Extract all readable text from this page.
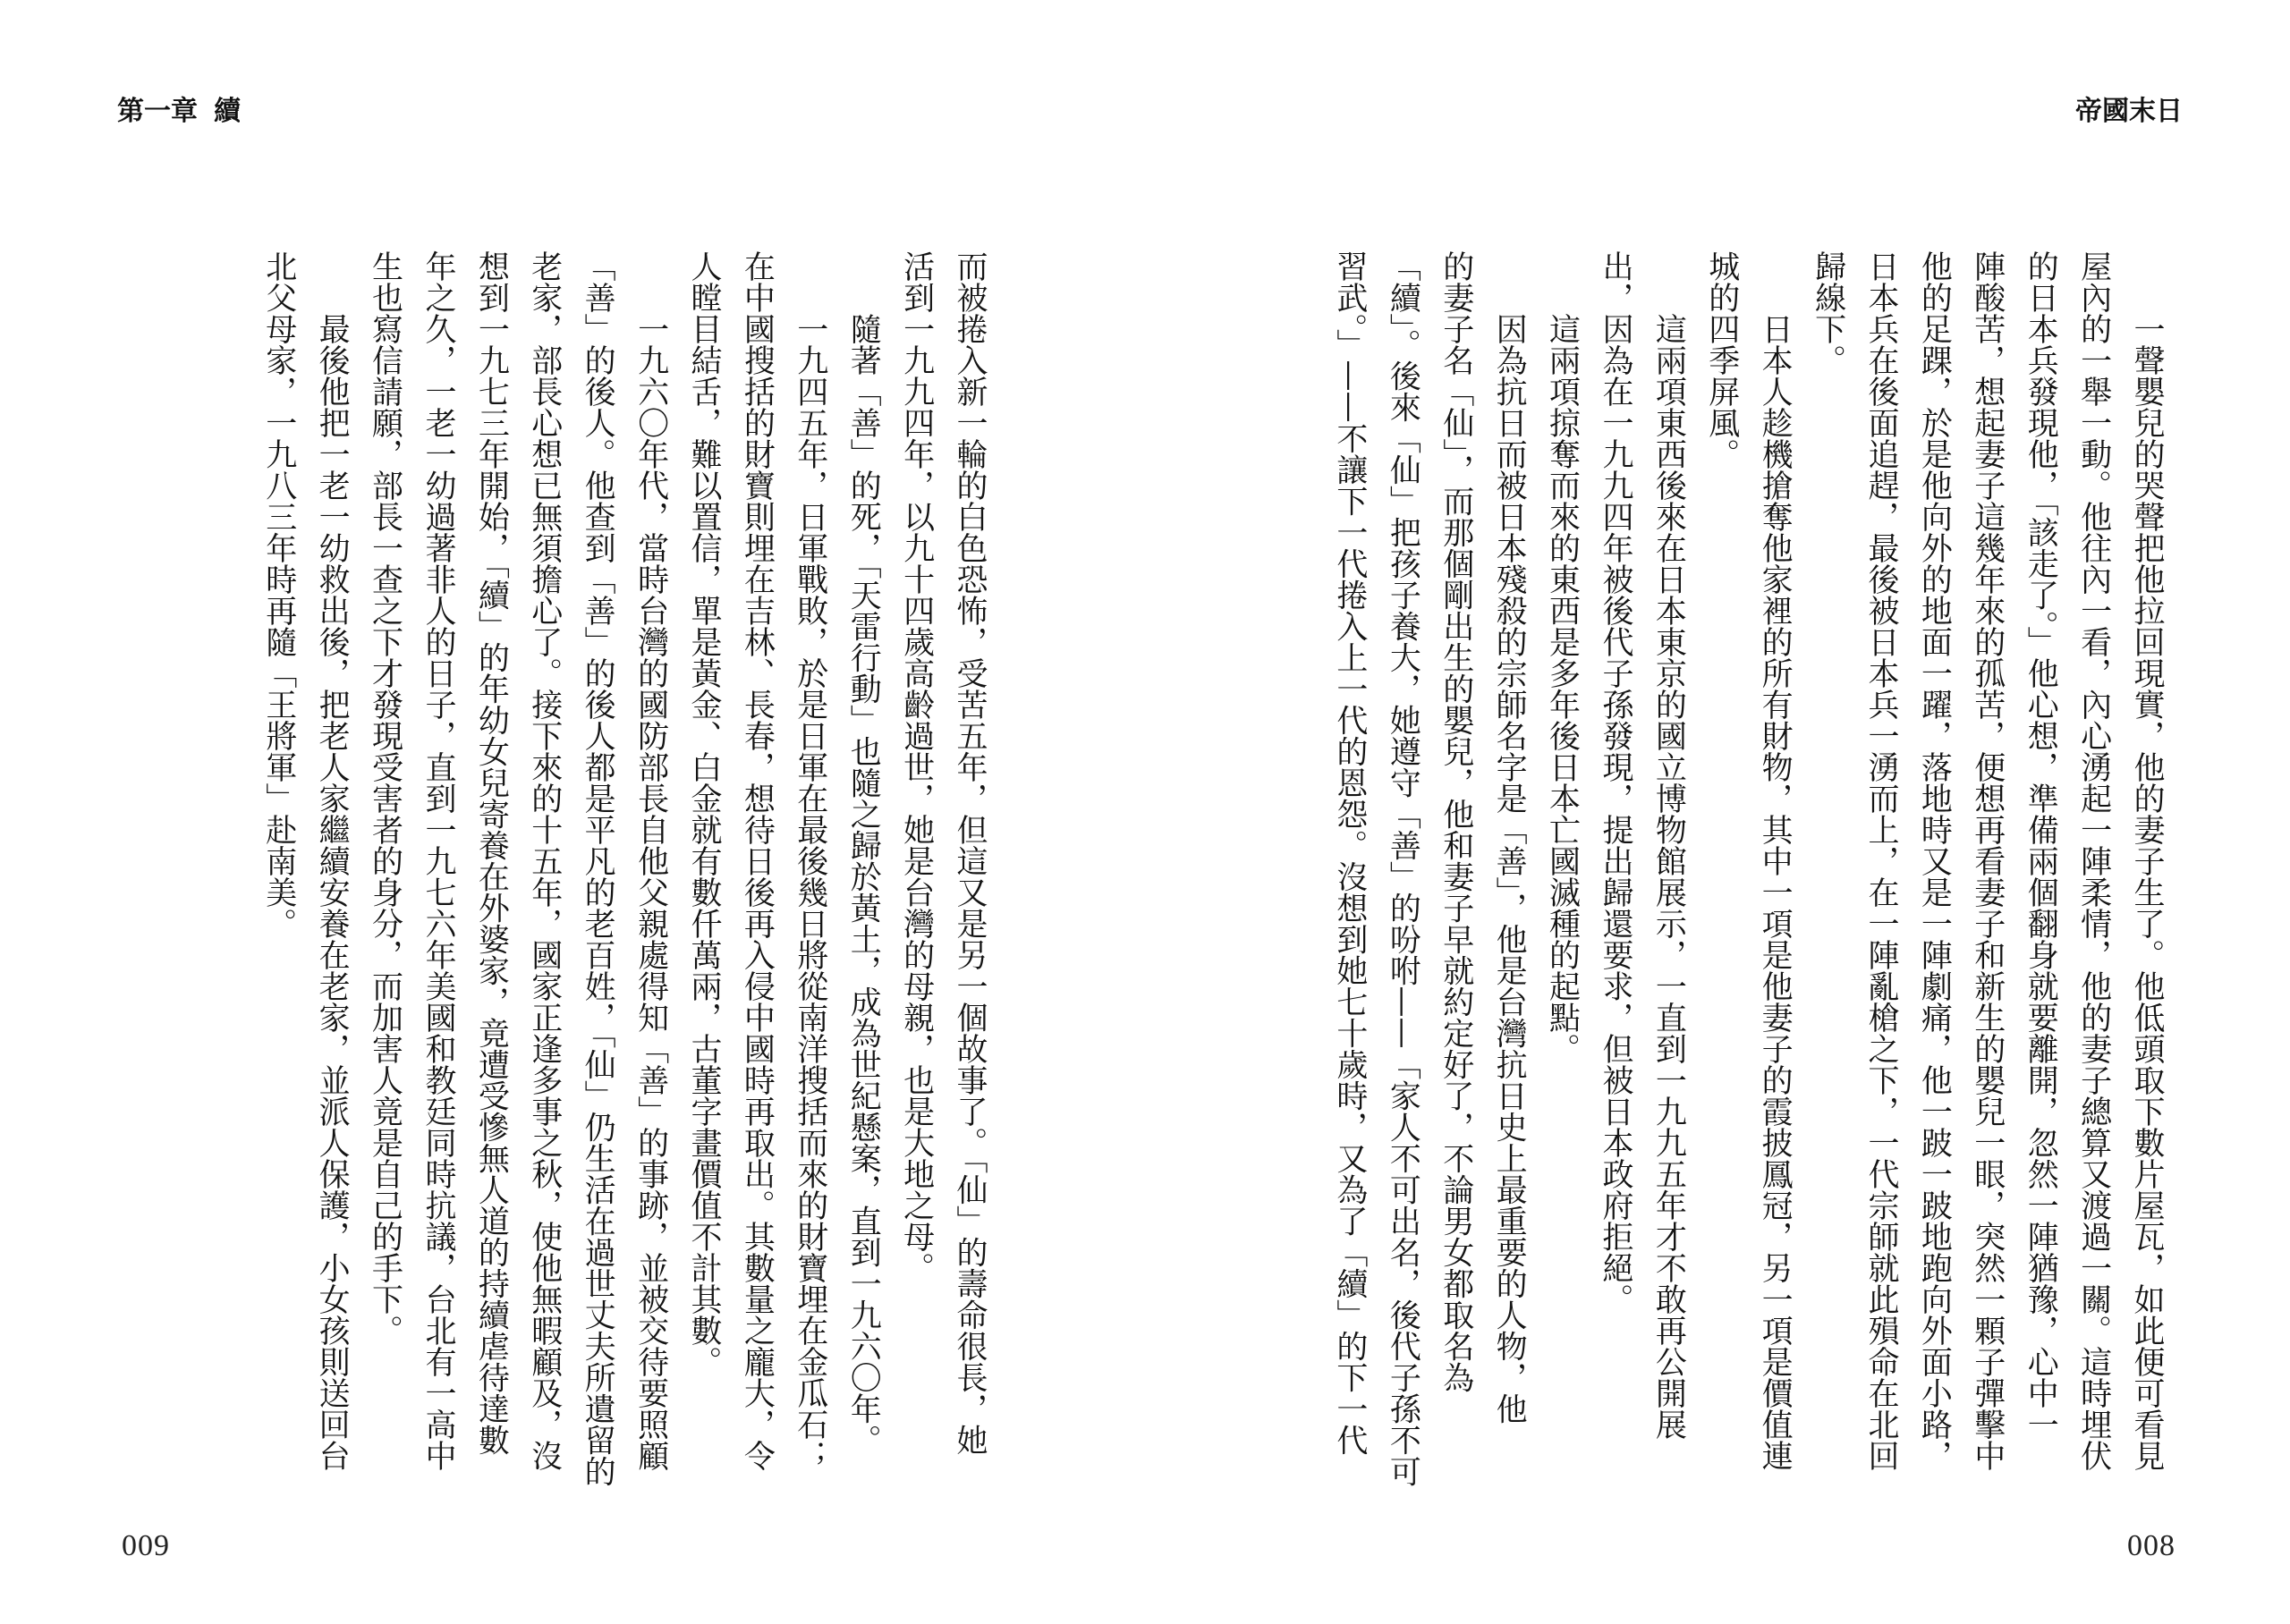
第一章 續
而被捲入新一輪的白色恐怖，受苦五年，但這又是另一個故事了。「仙」的壽命很長，她
活到一九九四年，以九十四歲高齡過世，她是台灣的母親，也是大地之母。
隨著「善」的死，「天雷行動」也隨之歸於黃土，成為世紀懸案，直到一九六〇年。
一九四五年，日軍戰敗，於是日軍在最後幾日將從南洋搜括而來的財寶埋在金瓜石；
在中國搜括的財寶則埋在吉林、長春，想待日後再入侵中國時再取出。其數量之龐大，令
人瞠目結舌，難以置信，單是黃金、白金就有數仟萬兩，古董字畫價值不計其數。
一九六〇年代，當時台灣的國防部長自他父親處得知「善」的事跡，並被交待要照顧
「善」的後人。他查到「善」的後人都是平凡的老百姓，「仙」仍生活在過世丈夫所遺留的
老家，部長心想已無須擔心了。接下來的十五年，國家正逢多事之秋，使他無暇顧及，沒
想到一九七三年開始，「續」的年幼女兒寄養在外婆家，竟遭受慘無人道的持續虐待達數
年之久，一老一幼過著非人的日子，直到一九七六年美國和教廷同時抗議，台北有一高中
生也寫信請願，部長一查之下才發現受害者的身分，而加害人竟是自己的手下。
最後他把一老一幼救出後，把老人家繼續安養在老家，並派人保護，小女孩則送回台
北父母家，一九八三年時再隨「王將軍」赴南美。
009
帝國末日
一聲嬰兒的哭聲把他拉回現實，他的妻子生了。他低頭取下數片屋瓦，如此便可看見
屋內的一舉一動。他往內一看，內心湧起一陣柔情，他的妻子總算又渡過一關。這時埋伏
的日本兵發現他，「該走了。」他心想，準備兩個翻身就要離開，忽然一陣猶豫，心中一
陣酸苦，想起妻子這幾年來的孤苦，便想再看妻子和新生的嬰兒一眼，突然一顆子彈擊中
他的足踝，於是他向外的地面一躍，落地時又是一陣劇痛，他一跛一跛地跑向外面小路，
日本兵在後面追趕，最後被日本兵一湧而上，在一陣亂槍之下，一代宗師就此殞命在北回
歸線下。
日本人趁機搶奪他家裡的所有財物，其中一項是他妻子的霞披鳳冠，另一項是價值連
城的四季屏風。
這兩項東西後來在日本東京的國立博物館展示，一直到一九九五年才不敢再公開展
出，因為在一九九四年被後代子孫發現，提出歸還要求，但被日本政府拒絕。
這兩項掠奪而來的東西是多年後日本亡國滅種的起點。
因為抗日而被日本殘殺的宗師名字是「善」，他是台灣抗日史上最重要的人物，他
的妻子名「仙」，而那個剛出生的嬰兒，他和妻子早就約定好了，不論男女都取名為
「續」。後來「仙」把孩子養大，她遵守「善」的吩咐——「家人不可出名，後代子孫不可
習武。」——不讓下一代捲入上一代的恩怨。沒想到她七十歲時，又為了「續」的下一代
008
